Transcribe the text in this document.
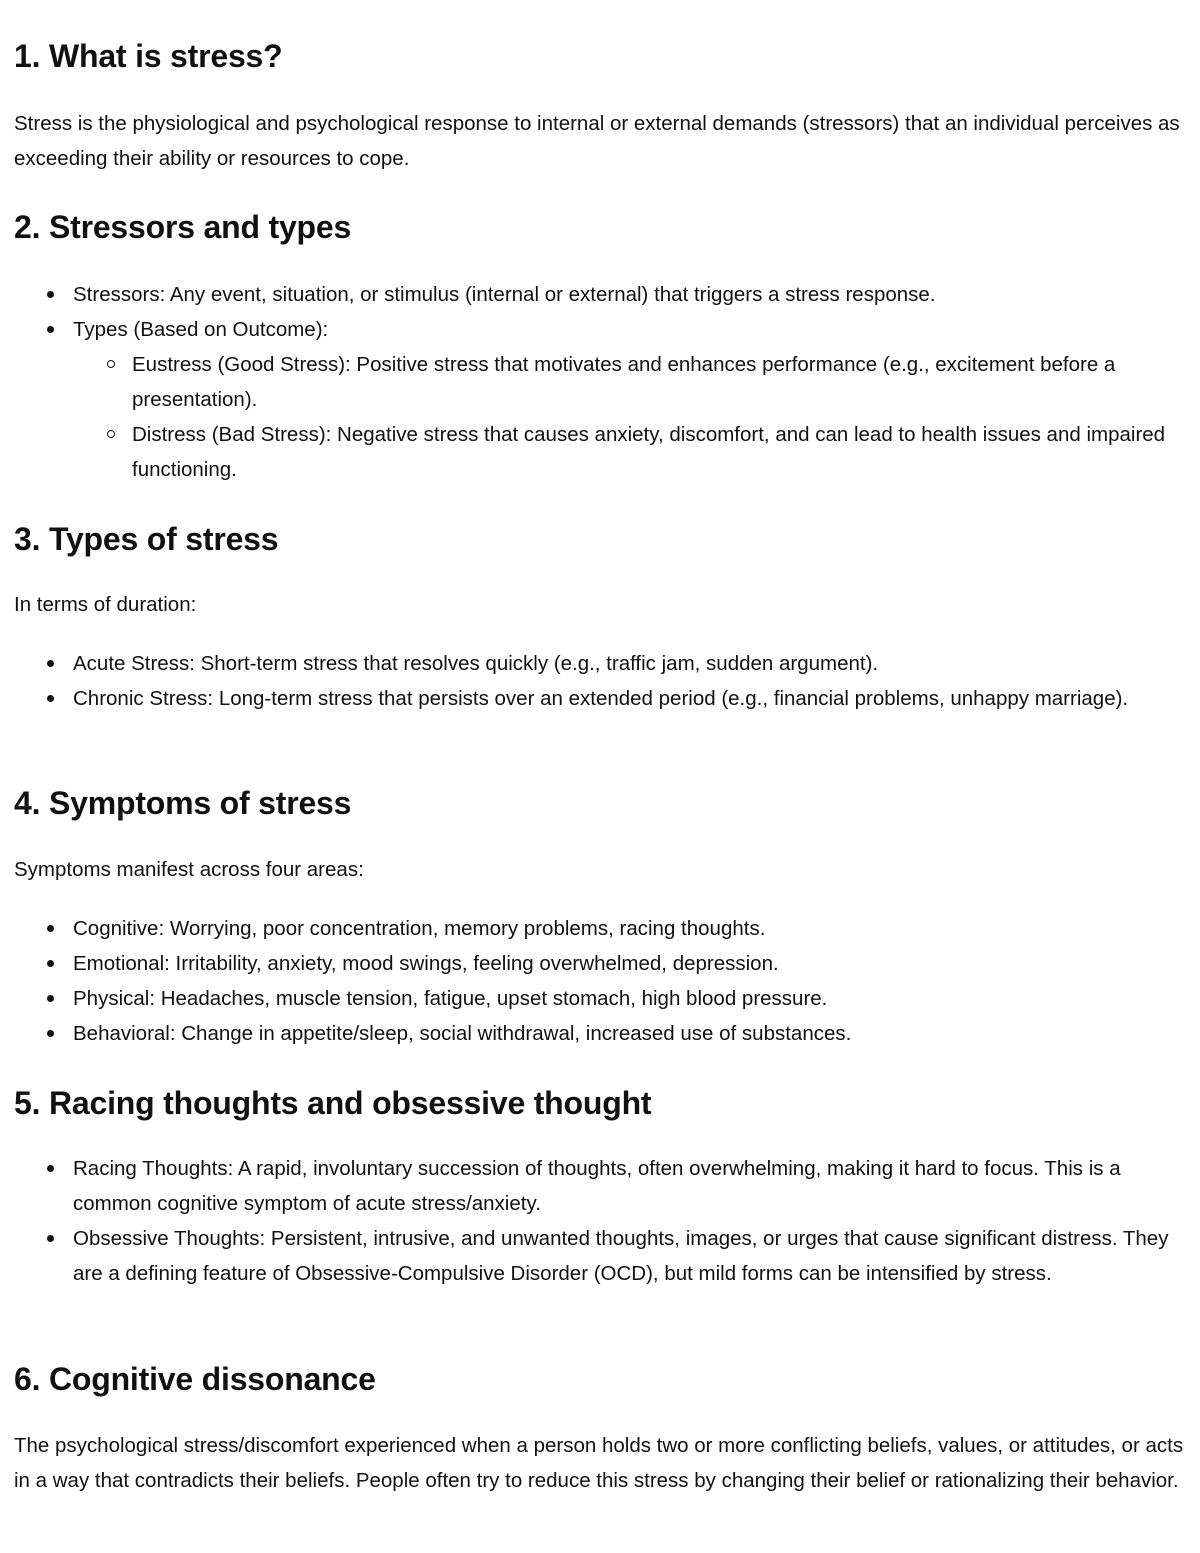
1. What is stress?

Stress is the physiological and psychological response to internal or external demands (stressors) that an individual perceives as exceeding their ability or resources to cope.

2. Stressors and types
Stressors: Any event, situation, or stimulus (internal or external) that triggers a stress response.
Types (Based on Outcome):
Eustress (Good Stress): Positive stress that motivates and enhances performance (e.g., excitement before a presentation).
Distress (Bad Stress): Negative stress that causes anxiety, discomfort, and can lead to health issues and impaired functioning.
3. Types of stress

In terms of duration:

Acute Stress: Short-term stress that resolves quickly (e.g., traffic jam, sudden argument).
Chronic Stress: Long-term stress that persists over an extended period (e.g., financial problems, unhappy marriage).
4. Symptoms of stress

Symptoms manifest across four areas:

Cognitive: Worrying, poor concentration, memory problems, racing thoughts.
Emotional: Irritability, anxiety, mood swings, feeling overwhelmed, depression.
Physical: Headaches, muscle tension, fatigue, upset stomach, high blood pressure.
Behavioral: Change in appetite/sleep, social withdrawal, increased use of substances.
5. Racing thoughts and obsessive thought
Racing Thoughts: A rapid, involuntary succession of thoughts, often overwhelming, making it hard to focus. This is a common cognitive symptom of acute stress/anxiety.
Obsessive Thoughts: Persistent, intrusive, and unwanted thoughts, images, or urges that cause significant distress. They are a defining feature of Obsessive-Compulsive Disorder (OCD), but mild forms can be intensified by stress.
6. Cognitive dissonance

The psychological stress/discomfort experienced when a person holds two or more conflicting beliefs, values, or attitudes, or acts in a way that contradicts their beliefs. People often try to reduce this stress by changing their belief or rationalizing their behavior.
